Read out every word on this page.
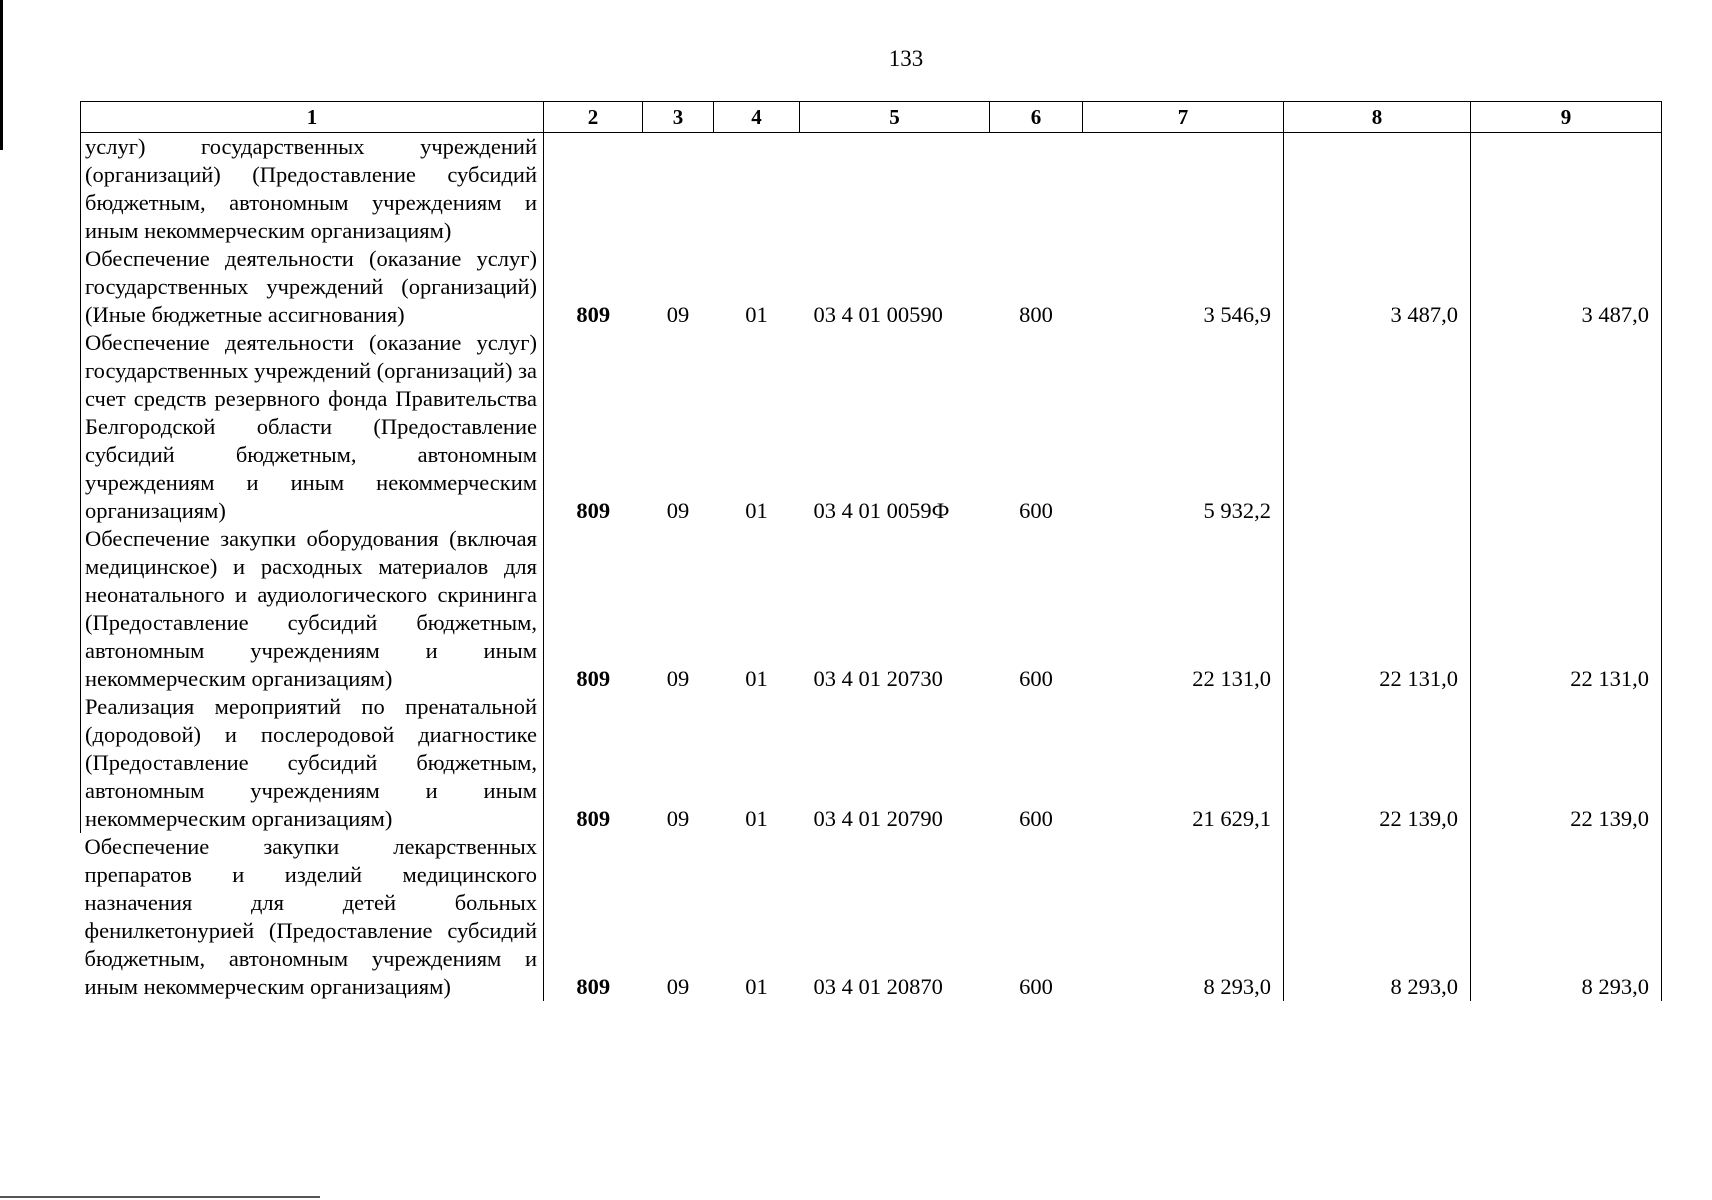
133
1	2	3	4	5	6	7	8	9
услуг) государственных учреждений (организаций) (Предоставление субсидий бюджетным, автономным учреждениям и иным некоммерческим организациям)								
Обеспечение деятельности (оказание услуг) государственных учреждений (организаций) (Иные бюджетные ассигнования)	809	09	01	03 4 01 00590	800	3 546,9	3 487,0	3 487,0
Обеспечение деятельности (оказание услуг) государственных учреждений (организаций) за счет средств резервного фонда Правительства Белгородской области (Предоставление субсидий бюджетным, автономным учреждениям и иным некоммерческим организациям)	809	09	01	03 4 01 0059Ф	600	5 932,2		
Обеспечение закупки оборудования (включая медицинское) и расходных материалов для неонатального и аудиологического скрининга (Предоставление субсидий бюджетным, автономным учреждениям и иным некоммерческим организациям)	809	09	01	03 4 01 20730	600	22 131,0	22 131,0	22 131,0
Реализация мероприятий по пренатальной (дородовой) и послеродовой диагностике (Предоставление субсидий бюджетным, автономным учреждениям и иным некоммерческим организациям)	809	09	01	03 4 01 20790	600	21 629,1	22 139,0	22 139,0
Обеспечение закупки лекарственных препаратов и изделий медицинского назначения для детей больных фенилкетонурией (Предоставление субсидий бюджетным, автономным учреждениям и иным некоммерческим организациям)	809	09	01	03 4 01 20870	600	8 293,0	8 293,0	8 293,0
